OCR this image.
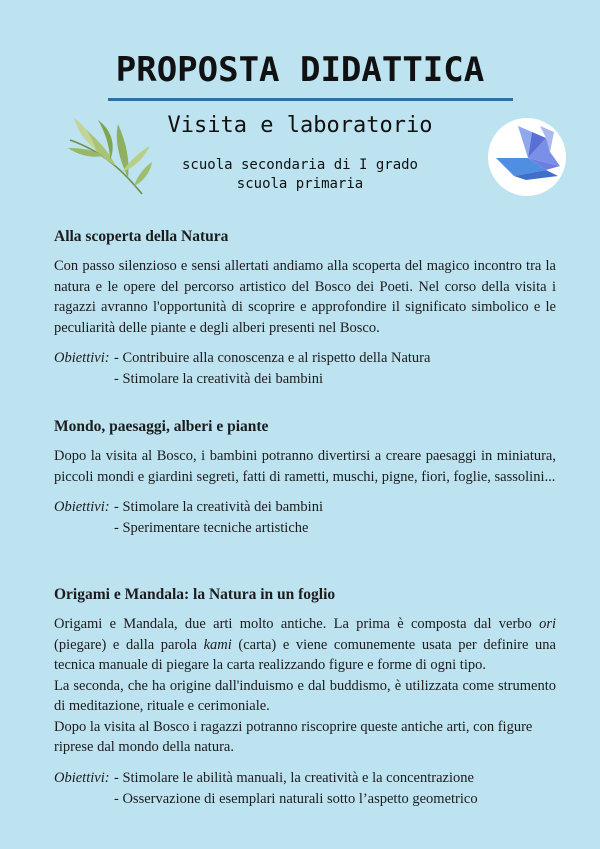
PROPOSTA DIDATTICA
Visita e laboratorio
scuola secondaria di I grado
scuola primaria
Alla scoperta della Natura

Con passo silenzioso e sensi allertati andiamo alla scoperta del magico incontro tra la natura e le opere del percorso artistico del Bosco dei Poeti. Nel corso della visita i ragazzi avranno l'opportunità di scoprire e approfondire il significato simbolico e le peculiarità delle piante e degli alberi presenti nel Bosco.

Obiettivi: - Contribuire alla conoscenza e al rispetto della Natura
- Stimolare la creatività dei bambini
Mondo, paesaggi, alberi e piante

Dopo la visita al Bosco, i bambini potranno divertirsi a creare paesaggi in miniatura, piccoli mondi e giardini segreti, fatti di rametti, muschi, pigne, fiori, foglie, sassolini...

Obiettivi: - Stimolare la creatività dei bambini
- Sperimentare tecniche artistiche
Origami e Mandala: la Natura in un foglio

Origami e Mandala, due arti molto antiche. La prima è composta dal verbo ori (piegare) e dalla parola kami (carta) e viene comunemente usata per definire una tecnica manuale di piegare la carta realizzando figure e forme di ogni tipo.

La seconda, che ha origine dall'induismo e dal buddismo, è utilizzata come strumento di meditazione, rituale e cerimoniale.

Dopo la visita al Bosco i ragazzi potranno riscoprire queste antiche arti, con figure riprese dal mondo della natura.

Obiettivi: - Stimolare le abilità manuali, la creatività e la concentrazione
- Osservazione di esemplari naturali sotto l’aspetto geometrico
